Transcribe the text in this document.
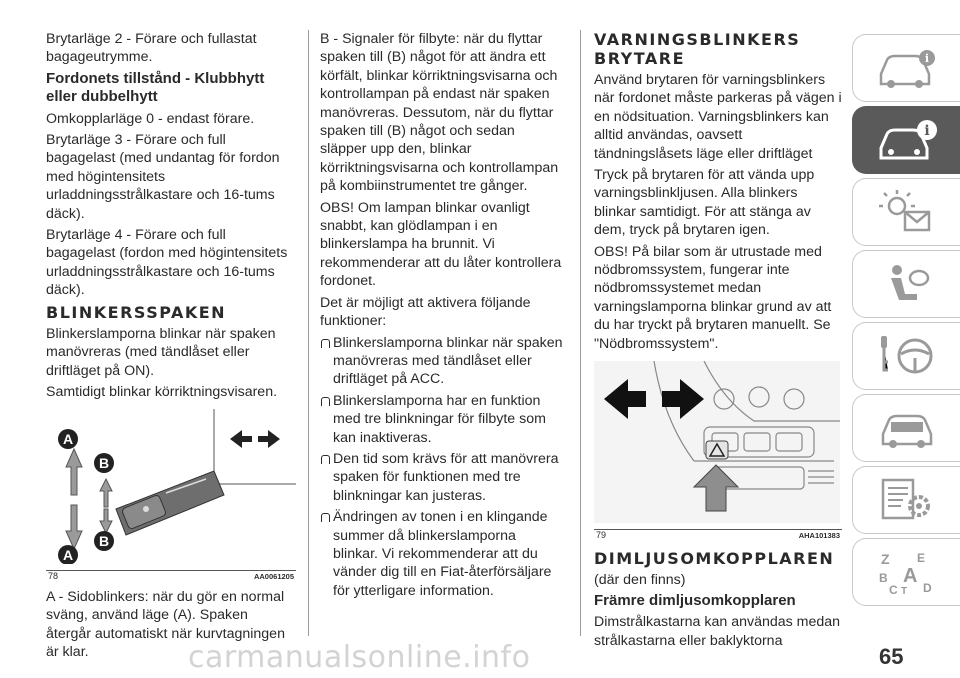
Brytarläge 2 - Förare och fullastat bagageutrymme.

Fordonets tillstånd - Klubbhytt eller dubbelhytt

Omkopplarläge 0 - endast förare.

Brytarläge 3 - Förare och full bagagelast (med undantag för fordon med högintensitets urladdningsstrålkastare och 16-tums däck).

Brytarläge 4 - Förare och full bagagelast (fordon med högintensitets urladdningsstrålkastare och 16-tums däck).

BLINKERSSPAKEN

Blinkerslamporna blinkar när spaken manövreras (med tändlåset eller driftläget på ON).

Samtidigt blinkar körriktningsvisaren.

A
B
B
A
78	AA0061205

A - Sidoblinkers: när du gör en normal sväng, använd läge (A). Spaken återgår automatiskt när kurvtagningen är klar.

B - Signaler för filbyte: när du flyttar spaken till (B) något för att ändra ett körfält, blinkar körriktningsvisarna och kontrollampan på endast när spaken manövreras. Dessutom, när du flyttar spaken till (B) något och sedan släpper upp den, blinkar körriktningsvisarna och kontrollampan på kombiinstrumentet tre gånger.

OBS! Om lampan blinkar ovanligt snabbt, kan glödlampan i en blinkerslampa ha brunnit. Vi rekommenderar att du låter kontrollera fordonet.

Det är möjligt att aktivera följande funktioner:

Blinkerslamporna blinkar när spaken manövreras med tändlåset eller driftläget på ACC.

Blinkerslamporna har en funktion med tre blinkningar för filbyte som kan inaktiveras.

Den tid som krävs för att manövrera spaken för funktionen med tre blinkningar kan justeras.

Ändringen av tonen i en klingande summer då blinkerslamporna blinkar. Vi rekommenderar att du vänder dig till en Fiat-återförsäljare för ytterligare information.

VARNINGSBLINKERS BRYTARE

Använd brytaren för varningsblinkers när fordonet måste parkeras på vägen i en nödsituation. Varningsblinkers kan alltid användas, oavsett tändningslåsets läge eller driftläget

Tryck på brytaren för att vända upp varningsblinkljusen. Alla blinkers blinkar samtidigt. För att stänga av dem, tryck på brytaren igen.

OBS! På bilar som är utrustade med nödbromssystem, fungerar inte nödbromssystemet medan varningslamporna blinkar grund av att du har tryckt på brytaren manuellt. Se "Nödbromssystem".

79	AHA101383

DIMLJUSOMKOPPLAREN

(där den finns)

Främre dimljusomkopplaren

Dimstrålkastarna kan användas medan strålkastarna eller baklyktorna

i
i
Z E
B A
C T D
65
carmanualsonline.info
